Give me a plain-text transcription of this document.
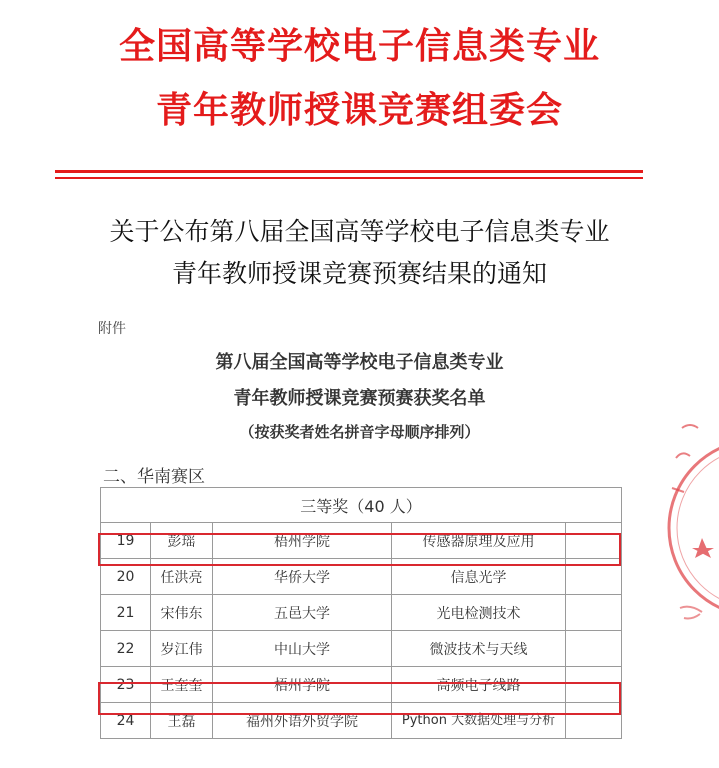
全国高等学校电子信息类专业
青年教师授课竞赛组委会
关于公布第八届全国高等学校电子信息类专业
青年教师授课竞赛预赛结果的通知
附件
第八届全国高等学校电子信息类专业
青年教师授课竞赛预赛获奖名单
（按获奖者姓名拼音字母顺序排列）
二、华南赛区
三等奖（40 人）				
19	彭瑶	梧州学院	传感器原理及应用	
20	任洪亮	华侨大学	信息光学	
21	宋伟东	五邑大学	光电检测技术	
22	岁江伟	中山大学	微波技术与天线	
23	王奎奎	梧州学院	高频电子线路	
24	王磊	福州外语外贸学院	Python 大数据处理与分析	
